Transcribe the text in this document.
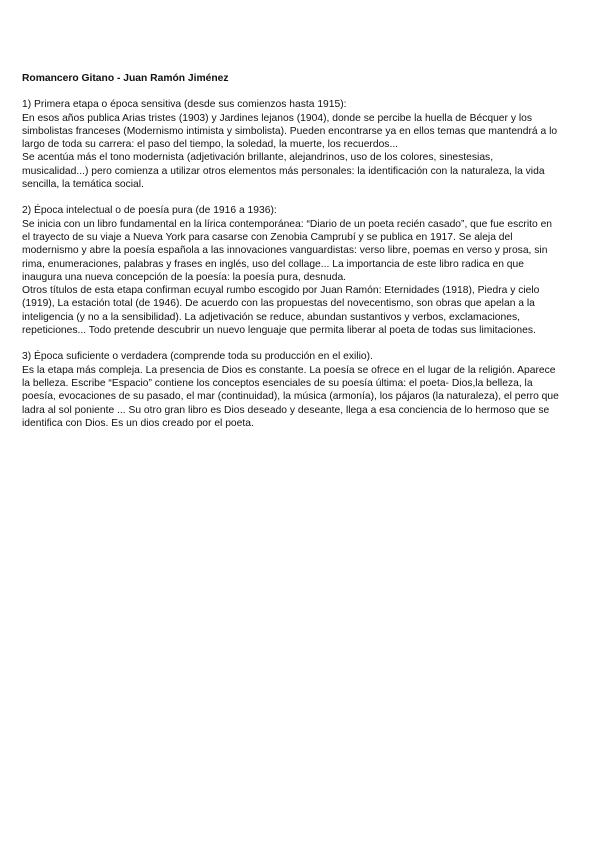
Romancero Gitano - Juan Ramón Jiménez
1) Primera etapa o época sensitiva (desde sus comienzos hasta 1915):
En esos años publica Arias tristes (1903) y Jardines lejanos (1904), donde se percibe la huella de Bécquer y los
simbolistas franceses (Modernismo intimista y simbolista). Pueden encontrarse ya en ellos temas que mantendrá a lo
largo de toda su carrera: el paso del tiempo, la soledad, la muerte, los recuerdos...
Se acentúa más el tono modernista (adjetivación brillante, alejandrinos, uso de los colores, sinestesias,
musicalidad...) pero comienza a utilizar otros elementos más personales: la identificación con la naturaleza, la vida
sencilla, la temática social.
2) Época intelectual o de poesía pura (de 1916 a 1936):
Se inicia con un libro fundamental en la lírica contemporánea: “Diario de un poeta recién casado”, que fue escrito en
el trayecto de su viaje a Nueva York para casarse con Zenobia Camprubí y se publica en 1917. Se aleja del
modernismo y abre la poesía española a las innovaciones vanguardistas: verso libre, poemas en verso y prosa, sin
rima, enumeraciones, palabras y frases en inglés, uso del collage... La importancia de este libro radica en que
inaugura una nueva concepción de la poesía: la poesía pura, desnuda.
Otros títulos de esta etapa confirman ecuyal rumbo escogido por Juan Ramón: Eternidades (1918), Piedra y cielo
(1919), La estación total (de 1946). De acuerdo con las propuestas del novecentismo, son obras que apelan a la
inteligencia (y no a la sensibilidad). La adjetivación se reduce, abundan sustantivos y verbos, exclamaciones,
repeticiones... Todo pretende descubrir un nuevo lenguaje que permita liberar al poeta de todas sus limitaciones.
3) Época suficiente o verdadera (comprende toda su producción en el exilio).
Es la etapa más compleja. La presencia de Dios es constante. La poesía se ofrece en el lugar de la religión. Aparece
la belleza. Escribe “Espacio” contiene los conceptos esenciales de su poesía última: el poeta- Dios,la belleza, la
poesía, evocaciones de su pasado, el mar (continuidad), la música (armonía), los pájaros (la naturaleza), el perro que
ladra al sol poniente ... Su otro gran libro es Dios deseado y deseante, llega a esa conciencia de lo hermoso que se
identifica con Dios. Es un dios creado por el poeta.
